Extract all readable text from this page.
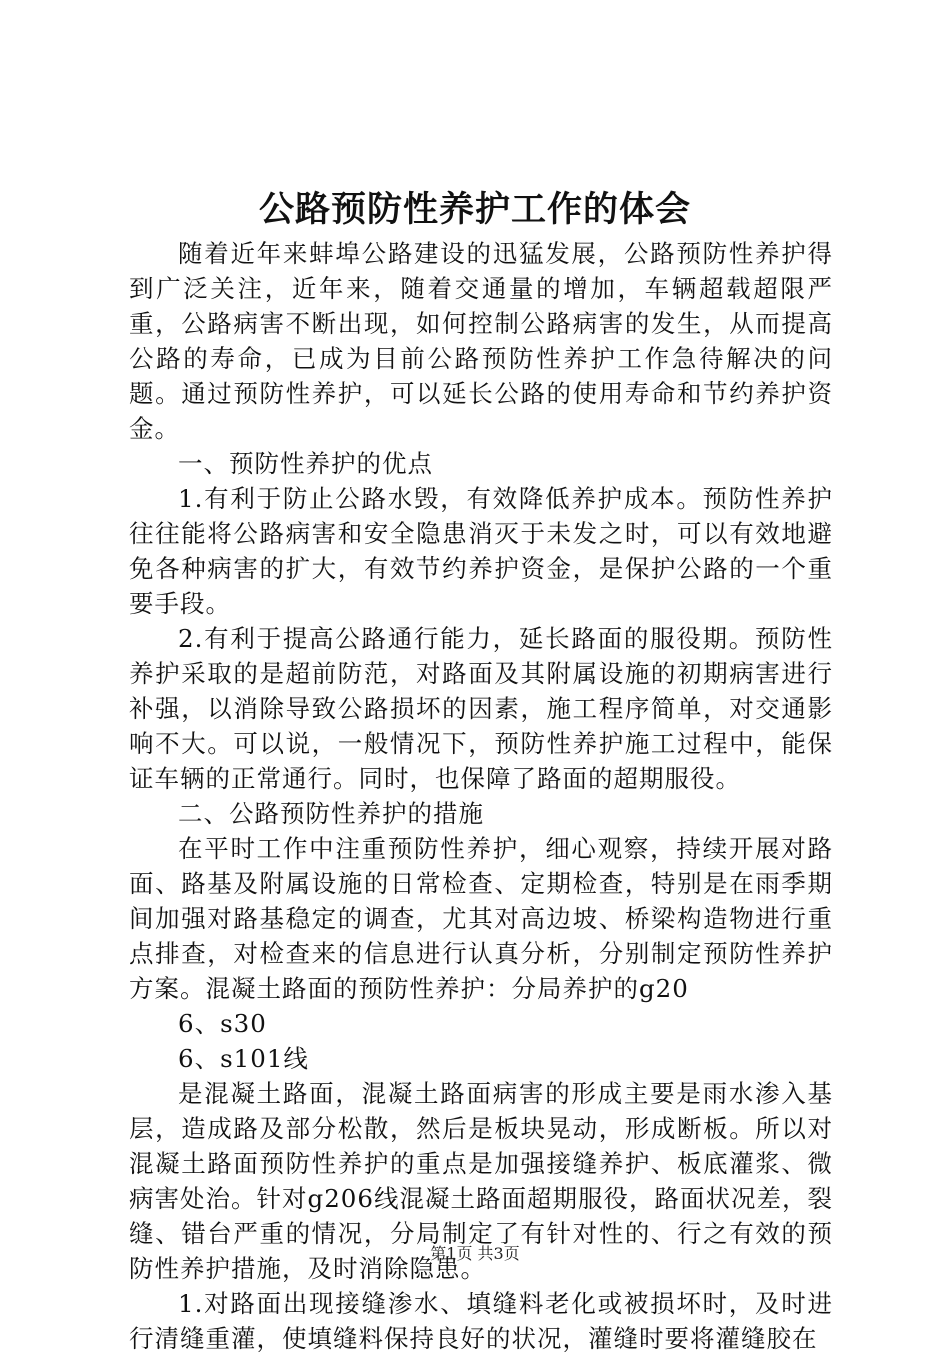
公路预防性养护工作的体会

随着近年来蚌埠公路建设的迅猛发展，公路预防性养护得到广泛关注，近年来，随着交通量的增加，车辆超载超限严重，公路病害不断出现，如何控制公路病害的发生，从而提高公路的寿命，已成为目前公路预防性养护工作急待解决的问题。通过预防性养护，可以延长公路的使用寿命和节约养护资金。

一、预防性养护的优点

1.有利于防止公路水毁，有效降低养护成本。预防性养护往往能将公路病害和安全隐患消灭于未发之时，可以有效地避免各种病害的扩大，有效节约养护资金，是保护公路的一个重要手段。

2.有利于提高公路通行能力，延长路面的服役期。预防性养护采取的是超前防范，对路面及其附属设施的初期病害进行补强，以消除导致公路损坏的因素，施工程序简单，对交通影响不大。可以说，一般情况下，预防性养护施工过程中，能保证车辆的正常通行。同时，也保障了路面的超期服役。

二、公路预防性养护的措施

在平时工作中注重预防性养护，细心观察，持续开展对路面、路基及附属设施的日常检查、定期检查，特别是在雨季期间加强对路基稳定的调查，尤其对高边坡、桥梁构造物进行重点排查，对检查来的信息进行认真分析，分别制定预防性养护方案。混凝土路面的预防性养护：分局养护的g20

6、s30

6、s101线

是混凝土路面，混凝土路面病害的形成主要是雨水渗入基层，造成路及部分松散，然后是板块晃动，形成断板。所以对混凝土路面预防性养护的重点是加强接缝养护、板底灌浆、微病害处治。针对g206线混凝土路面超期服役，路面状况差，裂缝、错台严重的情况，分局制定了有针对性的、行之有效的预防性养护措施，及时消除隐患。

1.对路面出现接缝渗水、填缝料老化或被损坏时，及时进行清缝重灌，使填缝料保持良好的状况，灌缝时要将灌缝胶在

第1页 共3页
